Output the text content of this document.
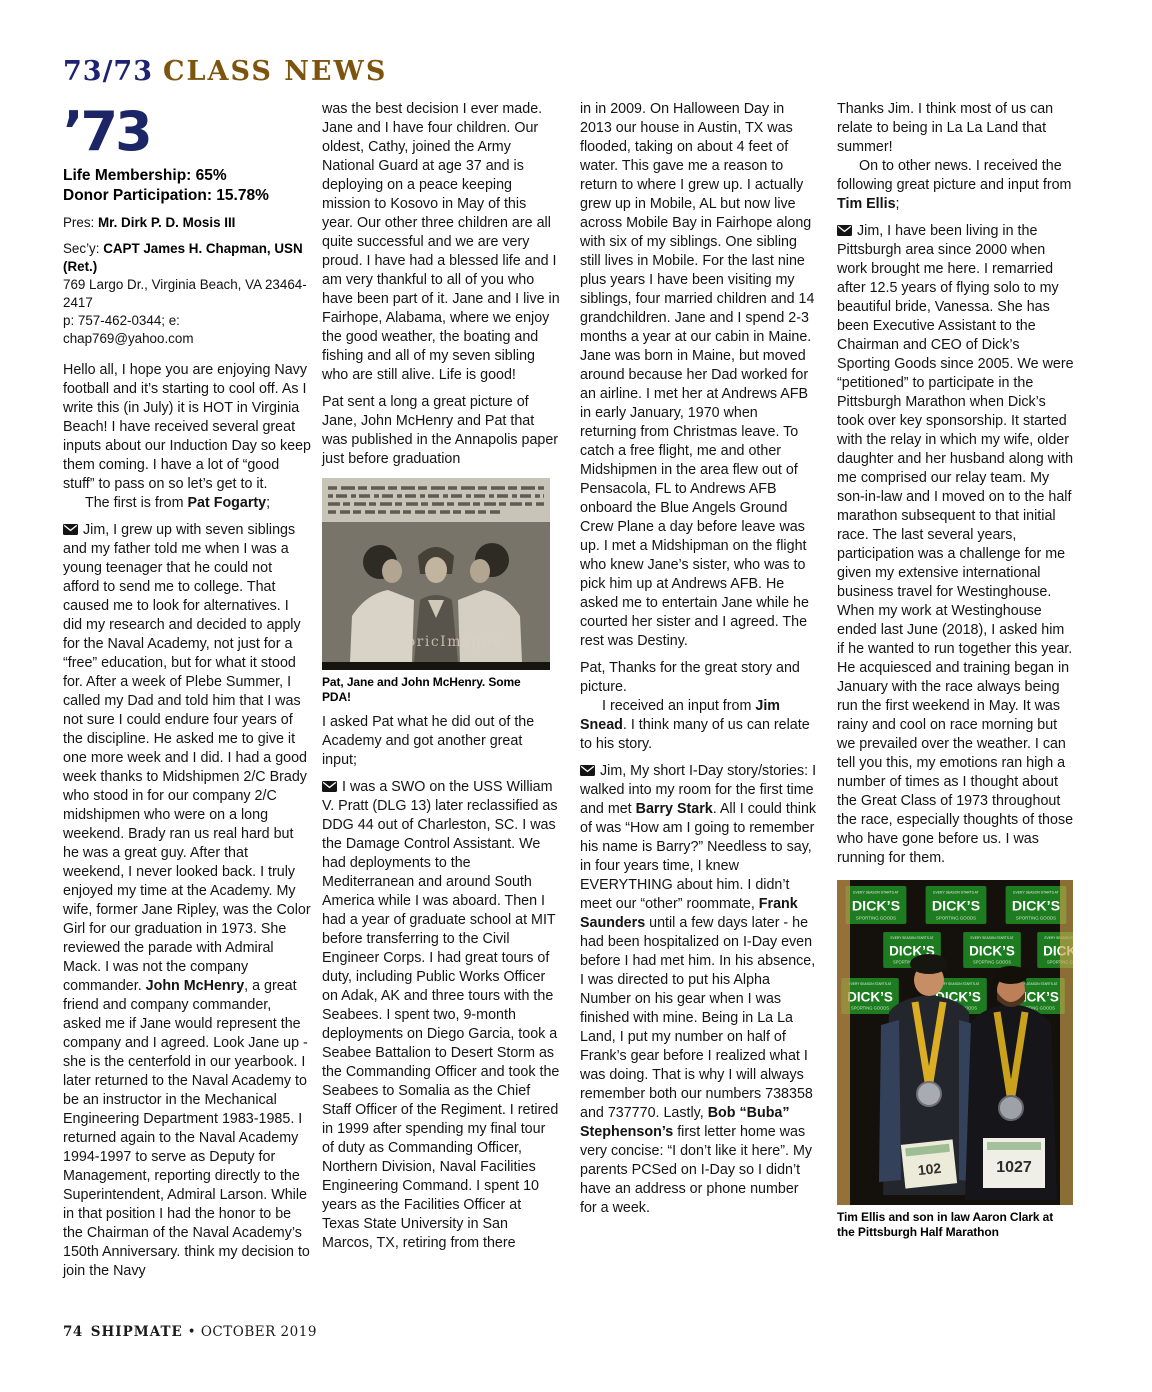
73/73 CLASS NEWS
’73
Life Membership: 65%
Donor Participation: 15.78%
Pres: Mr. Dirk P. D. Mosis III
Sec’y: CAPT James H. Chapman, USN (Ret.)
769 Largo Dr., Virginia Beach, VA 23464-2417
p: 757-462-0344; e: chap769@yahoo.com

Hello all, I hope you are enjoying Navy football and it’s starting to cool off. As I write this (in July) it is HOT in Virginia Beach! I have received several great inputs about our Induction Day so keep them coming. I have a lot of “good stuff” to pass on so let’s get to it.

The first is from Pat Fogarty;

Jim, I grew up with seven siblings and my father told me when I was a young teenager that he could not afford to send me to college. That caused me to look for alternatives. I did my research and decided to apply for the Naval Academy, not just for a “free” education, but for what it stood for. After a week of Plebe Summer, I called my Dad and told him that I was not sure I could endure four years of the discipline. He asked me to give it one more week and I did. I had a good week thanks to Midshipmen 2/C Brady who stood in for our company 2/C midshipmen who were on a long weekend. Brady ran us real hard but he was a great guy. After that weekend, I never looked back. I truly enjoyed my time at the Academy. My wife, former Jane Ripley, was the Color Girl for our graduation in 1973. She reviewed the parade with Admiral Mack. I was not the company commander. John McHenry, a great friend and company commander, asked me if Jane would represent the company and I agreed. Look Jane up - she is the centerfold in our yearbook. I later returned to the Naval Academy to be an instructor in the Mechanical Engineering Department 1983-1985. I returned again to the Naval Academy 1994-1997 to serve as Deputy for Management, reporting directly to the Superintendent, Admiral Larson. While in that position I had the honor to be the Chairman of the Naval Academy’s 150th Anniversary. think my decision to join the Navy

was the best decision I ever made. Jane and I have four children. Our oldest, Cathy, joined the Army National Guard at age 37 and is deploying on a peace keeping mission to Kosovo in May of this year. Our other three children are all quite successful and we are very proud. I have had a blessed life and I am very thankful to all of you who have been part of it. Jane and I live in Fairhope, Alabama, where we enjoy the good weather, the boating and fishing and all of my seven sibling who are still alive. Life is good!

Pat sent a long a great picture of Jane, John McHenry and Pat that was published in the Annapolis paper just before graduation

HistoricImages
Pat, Jane and John McHenry. Some PDA!

I asked Pat what he did out of the Academy and got another great input;

I was a SWO on the USS William V. Pratt (DLG 13) later reclassified as DDG 44 out of Charleston, SC. I was the Damage Control Assistant. We had deployments to the Mediterranean and around South America while I was aboard. Then I had a year of graduate school at MIT before transferring to the Civil Engineer Corps. I had great tours of duty, including Public Works Officer on Adak, AK and three tours with the Seabees. I spent two, 9-month deployments on Diego Garcia, took a Seabee Battalion to Desert Storm as the Commanding Officer and took the Seabees to Somalia as the Chief Staff Officer of the Regiment. I retired in 1999 after spending my final tour of duty as Commanding Officer, Northern Division, Naval Facilities Engineering Command. I spent 10 years as the Facilities Officer at Texas State University in San Marcos, TX, retiring from there

in in 2009. On Halloween Day in 2013 our house in Austin, TX was flooded, taking on about 4 feet of water. This gave me a reason to return to where I grew up. I actually grew up in Mobile, AL but now live across Mobile Bay in Fairhope along with six of my siblings. One sibling still lives in Mobile. For the last nine plus years I have been visiting my siblings, four married children and 14 grandchildren. Jane and I spend 2-3 months a year at our cabin in Maine. Jane was born in Maine, but moved around because her Dad worked for an airline. I met her at Andrews AFB in early January, 1970 when returning from Christmas leave. To catch a free flight, me and other Midshipmen in the area flew out of Pensacola, FL to Andrews AFB onboard the Blue Angels Ground Crew Plane a day before leave was up. I met a Midshipman on the flight who knew Jane’s sister, who was to pick him up at Andrews AFB. He asked me to entertain Jane while he courted her sister and I agreed. The rest was Destiny.

Pat, Thanks for the great story and picture.

I received an input from Jim Snead. I think many of us can relate to his story.

Jim, My short I-Day story/stories: I walked into my room for the first time and met Barry Stark. All I could think of was “How am I going to remember his name is Barry?” Needless to say, in four years time, I knew EVERYTHING about him. I didn’t meet our “other” roommate, Frank Saunders until a few days later - he had been hospitalized on I-Day even before I had met him. In his absence, I was directed to put his Alpha Number on his gear when I was finished with mine. Being in La La Land, I put my number on half of Frank’s gear before I realized what I was doing. That is why I will always remember both our numbers 738358 and 737770. Lastly, Bob “Buba” Stephenson’s first letter home was very concise: “I don’t like it here”. My parents PCSed on I-Day so I didn’t have an address or phone number for a week.

Thanks Jim. I think most of us can relate to being in La La Land that summer!

On to other news. I received the following great picture and input from Tim Ellis;

Jim, I have been living in the Pittsburgh area since 2000 when work brought me here. I remarried after 12.5 years of flying solo to my beautiful bride, Vanessa. She has been Executive Assistant to the Chairman and CEO of Dick’s Sporting Goods since 2005. We were “petitioned” to participate in the Pittsburgh Marathon when Dick’s took over key sponsorship. It started with the relay in which my wife, older daughter and her husband along with me comprised our relay team. My son-in-law and I moved on to the half marathon subsequent to that initial race. The last several years, participation was a challenge for me given my extensive international business travel for Westinghouse. When my work at Westinghouse ended last June (2018), I asked him if he wanted to run together this year. He acquiesced and training began in January with the race always being run the first weekend in May. It was rainy and cool on race morning but we prevailed over the weather. I can tell you this, my emotions ran high a number of times as I thought about the Great Class of 1973 throughout the race, especially thoughts of those who have gone before us. I was running for them.

102	1027
Tim Ellis and son in law Aaron Clark at the Pittsburgh Half Marathon
74 SHIPMATE • OCTOBER 2019
